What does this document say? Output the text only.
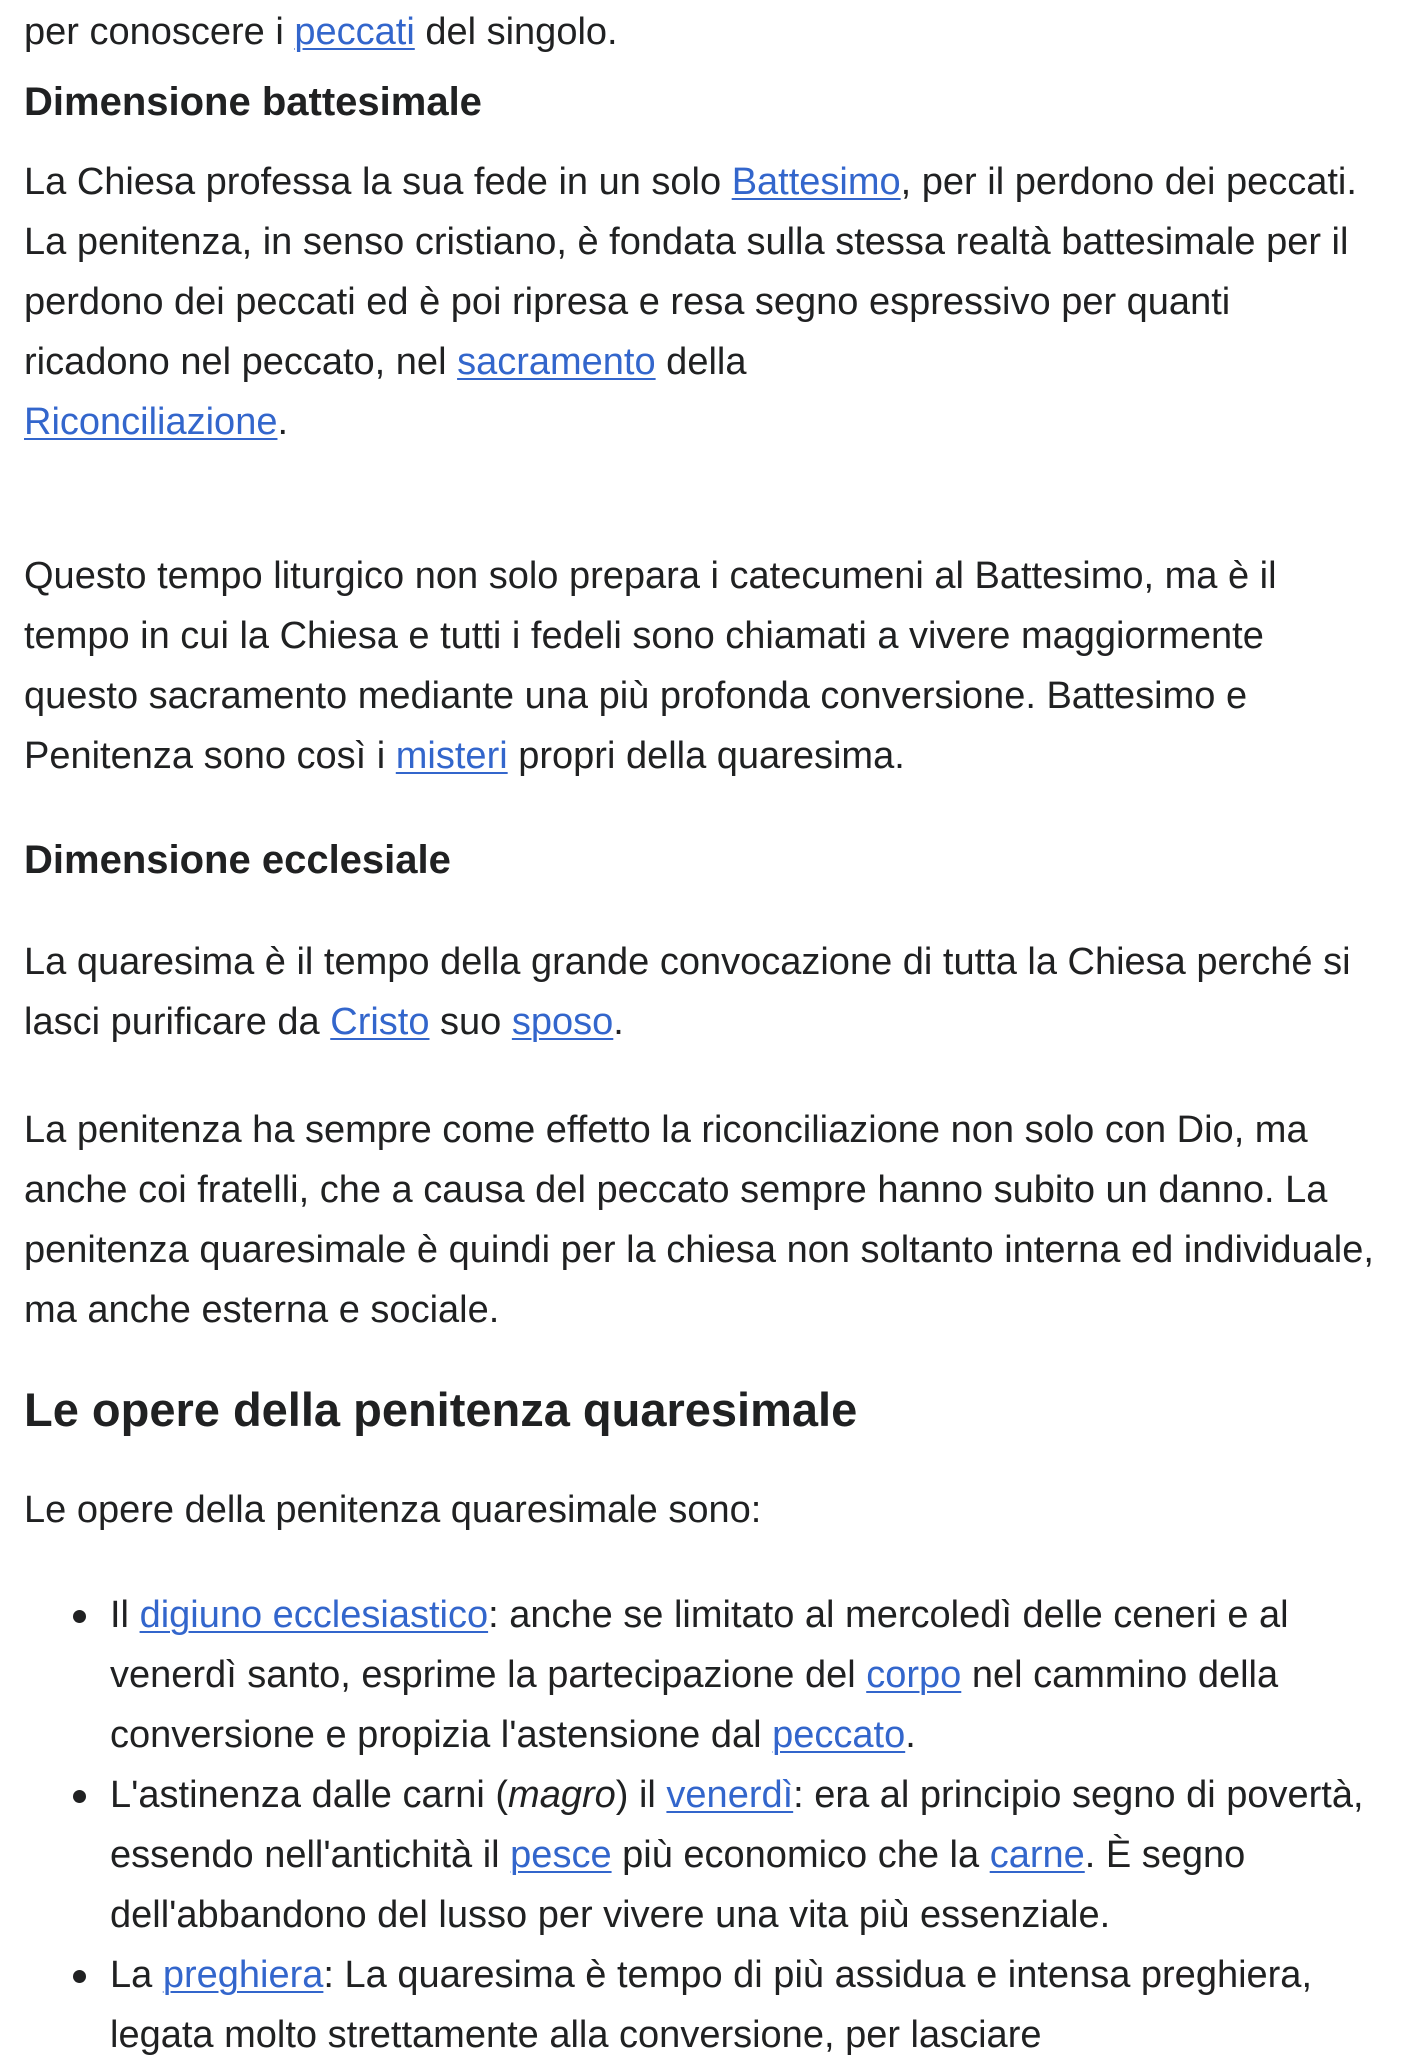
per conoscere i peccati del singolo.

Dimensione battesimale

La Chiesa professa la sua fede in un solo Battesimo, per il perdono dei peccati. La penitenza, in senso cristiano, è fondata sulla stessa realtà battesimale per il perdono dei peccati ed è poi ripresa e resa segno espressivo per quanti ricadono nel peccato, nel sacramento della
Riconciliazione.

Questo tempo liturgico non solo prepara i catecumeni al Battesimo, ma è il tempo in cui la Chiesa e tutti i fedeli sono chiamati a vivere maggiormente questo sacramento mediante una più profonda conversione. Battesimo e Penitenza sono così i misteri propri della quaresima.

Dimensione ecclesiale

La quaresima è il tempo della grande convocazione di tutta la Chiesa perché si lasci purificare da Cristo suo sposo.

La penitenza ha sempre come effetto la riconciliazione non solo con Dio, ma anche coi fratelli, che a causa del peccato sempre hanno subito un danno. La penitenza quaresimale è quindi per la chiesa non soltanto interna ed individuale, ma anche esterna e sociale.

Le opere della penitenza quaresimale

Le opere della penitenza quaresimale sono:

Il digiuno ecclesiastico: anche se limitato al mercoledì delle ceneri e al venerdì santo, esprime la partecipazione del corpo nel cammino della conversione e propizia l'astensione dal peccato.
L'astinenza dalle carni (magro) il venerdì: era al principio segno di povertà, essendo nell'antichità il pesce più economico che la carne. È segno dell'abbandono del lusso per vivere una vita più essenziale.
La preghiera: La quaresima è tempo di più assidua e intensa preghiera, legata molto strettamente alla conversione, per lasciare
